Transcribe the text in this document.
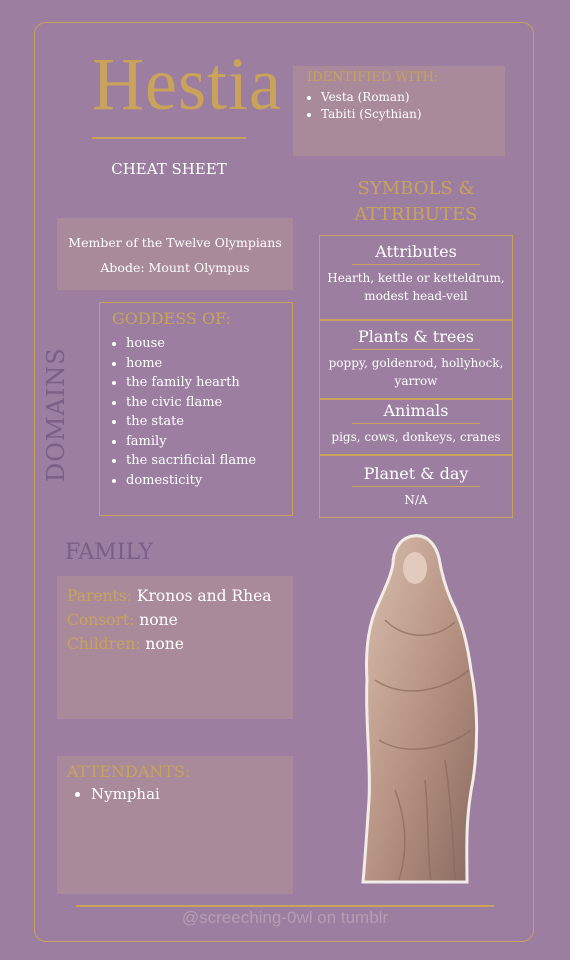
Hestia
CHEAT SHEET
IDENTIFIED WITH:
• Vesta (Roman)
• Tabiti (Scythian)
Member of the Twelve Olympians
Abode: Mount Olympus
DOMAINS
GODDESS OF:
• house
• home
• the family hearth
• the civic flame
• the state
• family
• the sacrificial flame
• domesticity
SYMBOLS &
ATTRIBUTES
Attributes
Hearth, kettle or ketteldrum, modest head-veil
Plants & trees
poppy, goldenrod, hollyhock, yarrow
Animals
pigs, cows, donkeys, cranes
Planet & day
N/A
FAMILY
Parents: Kronos and Rhea
Consort: none
Children: none
ATTENDANTS:
• Nymphai
@screeching-0wl on tumblr
